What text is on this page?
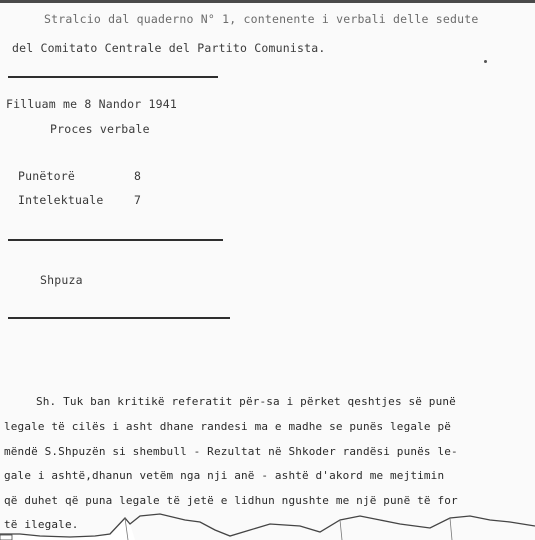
Stralcio dal quaderno N° 1, contenente i verbali delle sedute
del Comitato Centrale del Partito Comunista.
Filluam me 8 Nandor 1941
Proces verbale
Punëtorë	8
Intelektuale	7
Shpuza
Sh. Tuk ban kritikë referatit për-sa i përket qeshtjes së punë
legale të cilës i asht dhane randesi ma e madhe se punës legale pë
mëndë S.Shpuzën si shembull - Rezultat në Shkoder randësi punës le-
gale i ashtë,dhanun vetëm nga nji anë - ashtë d'akord me mejtimin
që duhet që puna legale të jetë e lidhun ngushte me një punë të for
të ilegale.
